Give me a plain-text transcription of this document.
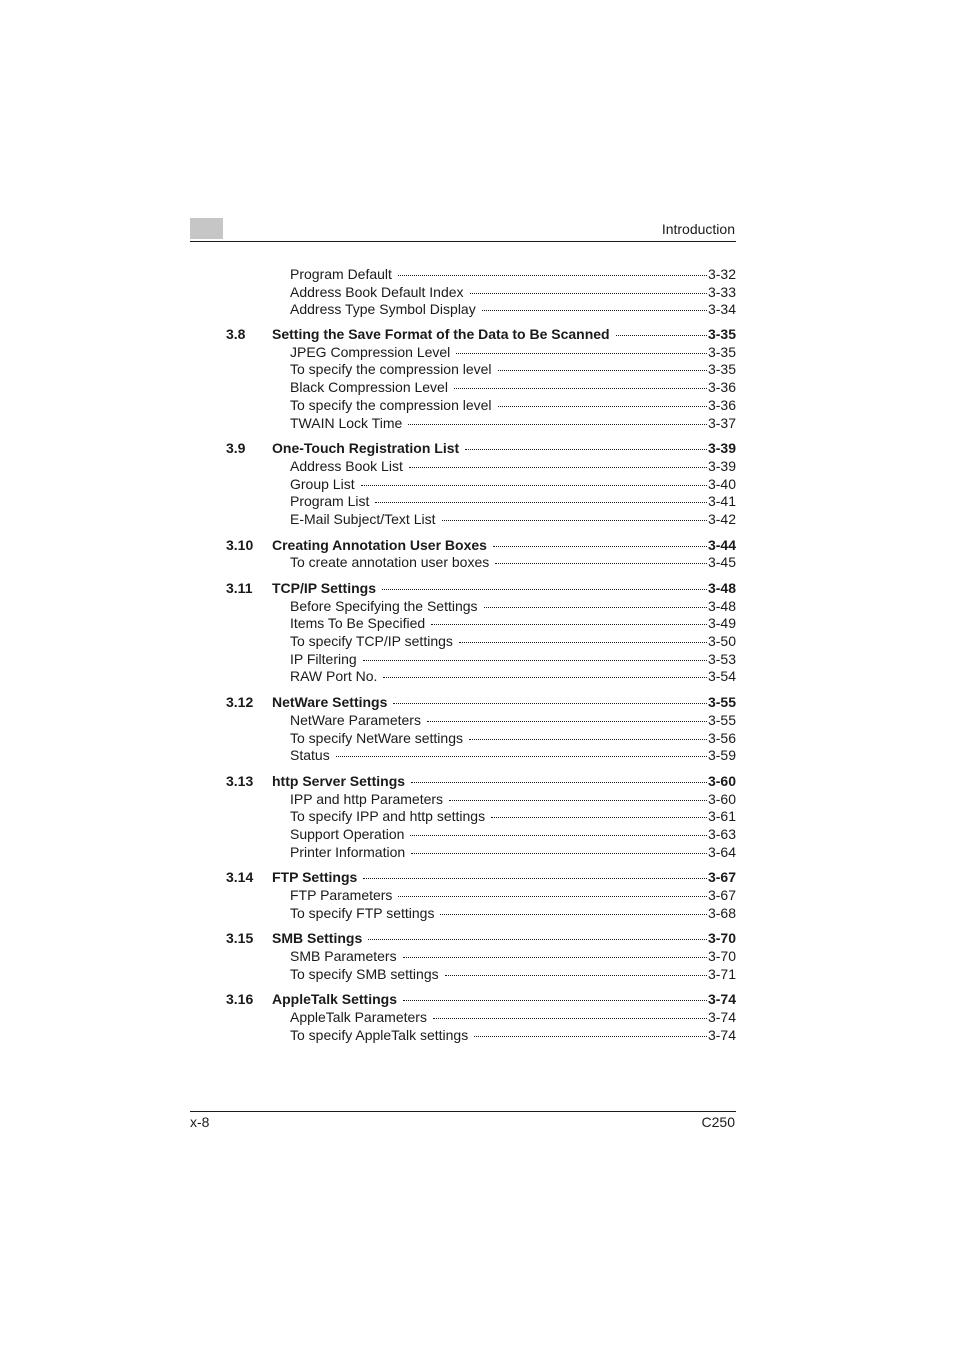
Introduction
Program Default	3-32
Address Book Default Index	3-33
Address Type Symbol Display	3-34
3.8	Setting the Save Format of the Data to Be Scanned	3-35
JPEG Compression Level	3-35
To specify the compression level	3-35
Black Compression Level	3-36
To specify the compression level	3-36
TWAIN Lock Time	3-37
3.9	One-Touch Registration List	3-39
Address Book List	3-39
Group List	3-40
Program List	3-41
E-Mail Subject/Text List	3-42
3.10	Creating Annotation User Boxes	3-44
To create annotation user boxes	3-45
3.11	TCP/IP Settings	3-48
Before Specifying the Settings	3-48
Items To Be Specified	3-49
To specify TCP/IP settings	3-50
IP Filtering	3-53
RAW Port No.	3-54
3.12	NetWare Settings	3-55
NetWare Parameters	3-55
To specify NetWare settings	3-56
Status	3-59
3.13	http Server Settings	3-60
IPP and http Parameters	3-60
To specify IPP and http settings	3-61
Support Operation	3-63
Printer Information	3-64
3.14	FTP Settings	3-67
FTP Parameters	3-67
To specify FTP settings	3-68
3.15	SMB Settings	3-70
SMB Parameters	3-70
To specify SMB settings	3-71
3.16	AppleTalk Settings	3-74
AppleTalk Parameters	3-74
To specify AppleTalk settings	3-74
x-8	C250
